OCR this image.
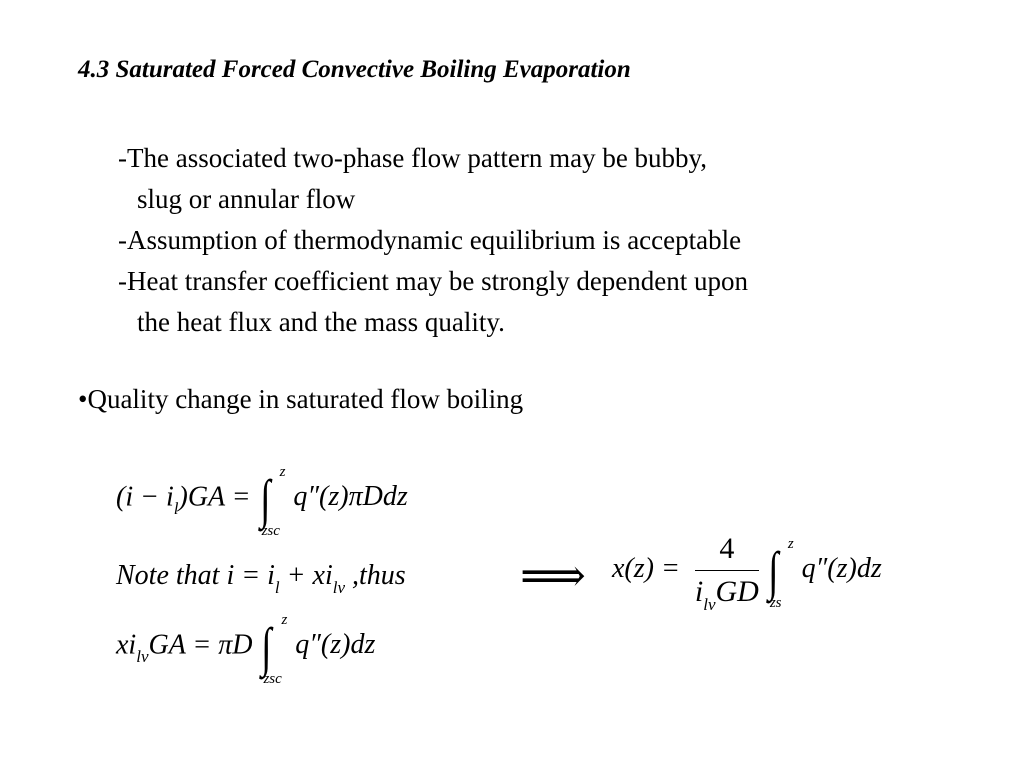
4.3 Saturated Forced Convective Boiling Evaporation
-The associated two-phase flow pattern may be bubby,
slug or annular flow
-Assumption of thermodynamic equilibrium is acceptable
-Heat transfer coefficient may be strongly dependent upon
the heat flux and the mass quality.
•Quality change in saturated flow boiling
$(i - i_l)GA$ = ∫ z
zsc
q″(z)πDdz
Note that $i = i_l + xi_{lv}$ ,thus ⟹
$xi_{lv}GA = \pi D$ ∫ z
zsc
q″(z)dz
$x(z) = \frac{4}{i_{lv}GD}$ ∫ z
zs
q″(z)dz
